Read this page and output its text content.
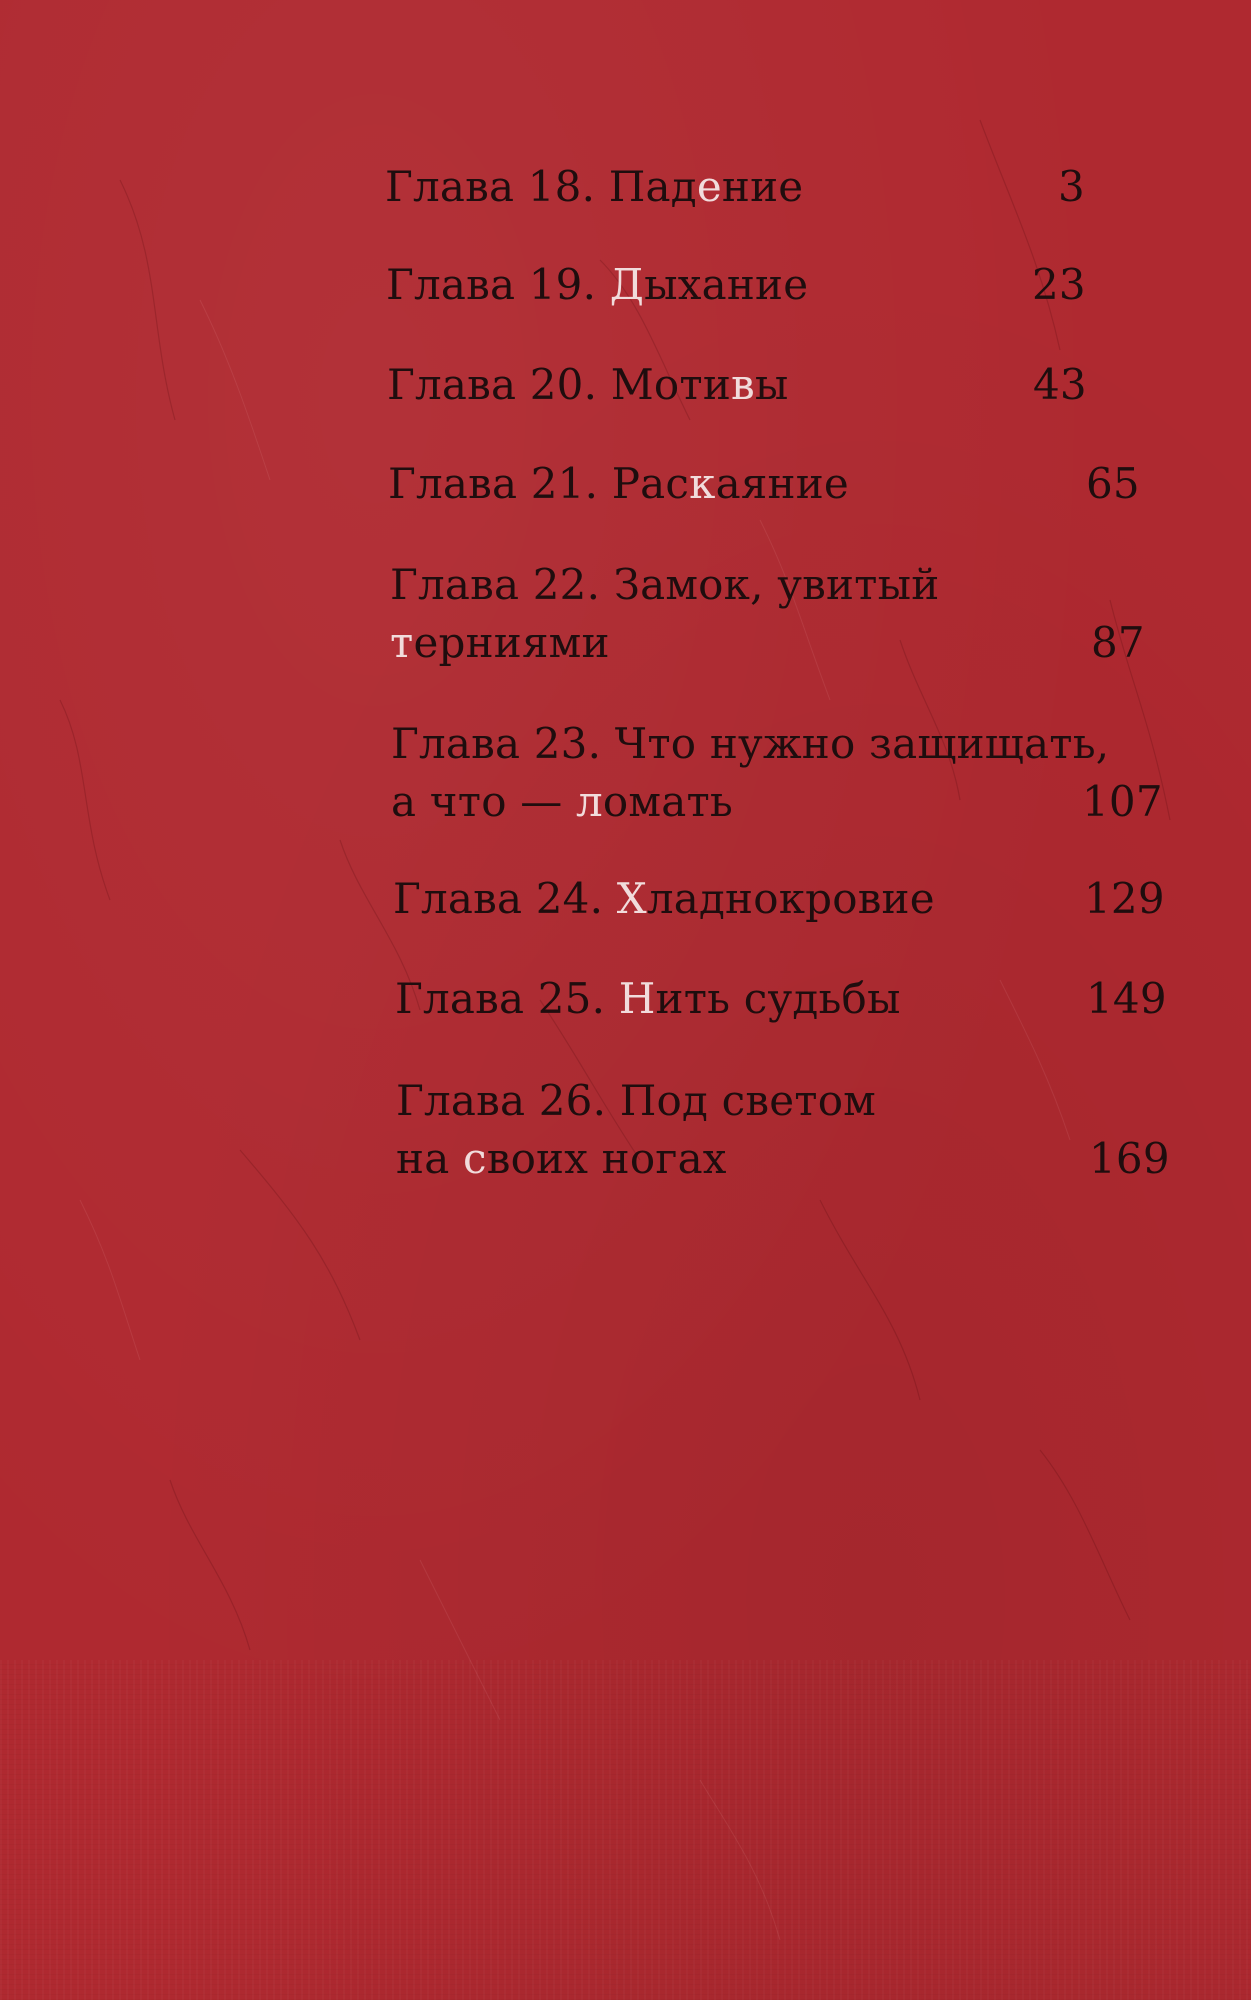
Глава 18. Падение	3
Глава 19. Дыхание	23
Глава 20. Мотивы	43
Глава 21. Раскаяние	65
Глава 22. Замок, увитый
терниями	87
Глава 23. Что нужно защищать,
а что — ломать	107
Глава 24. Хладнокровие	129
Глава 25. Нить судьбы	149
Глава 26. Под светом
на своих ногах	169
